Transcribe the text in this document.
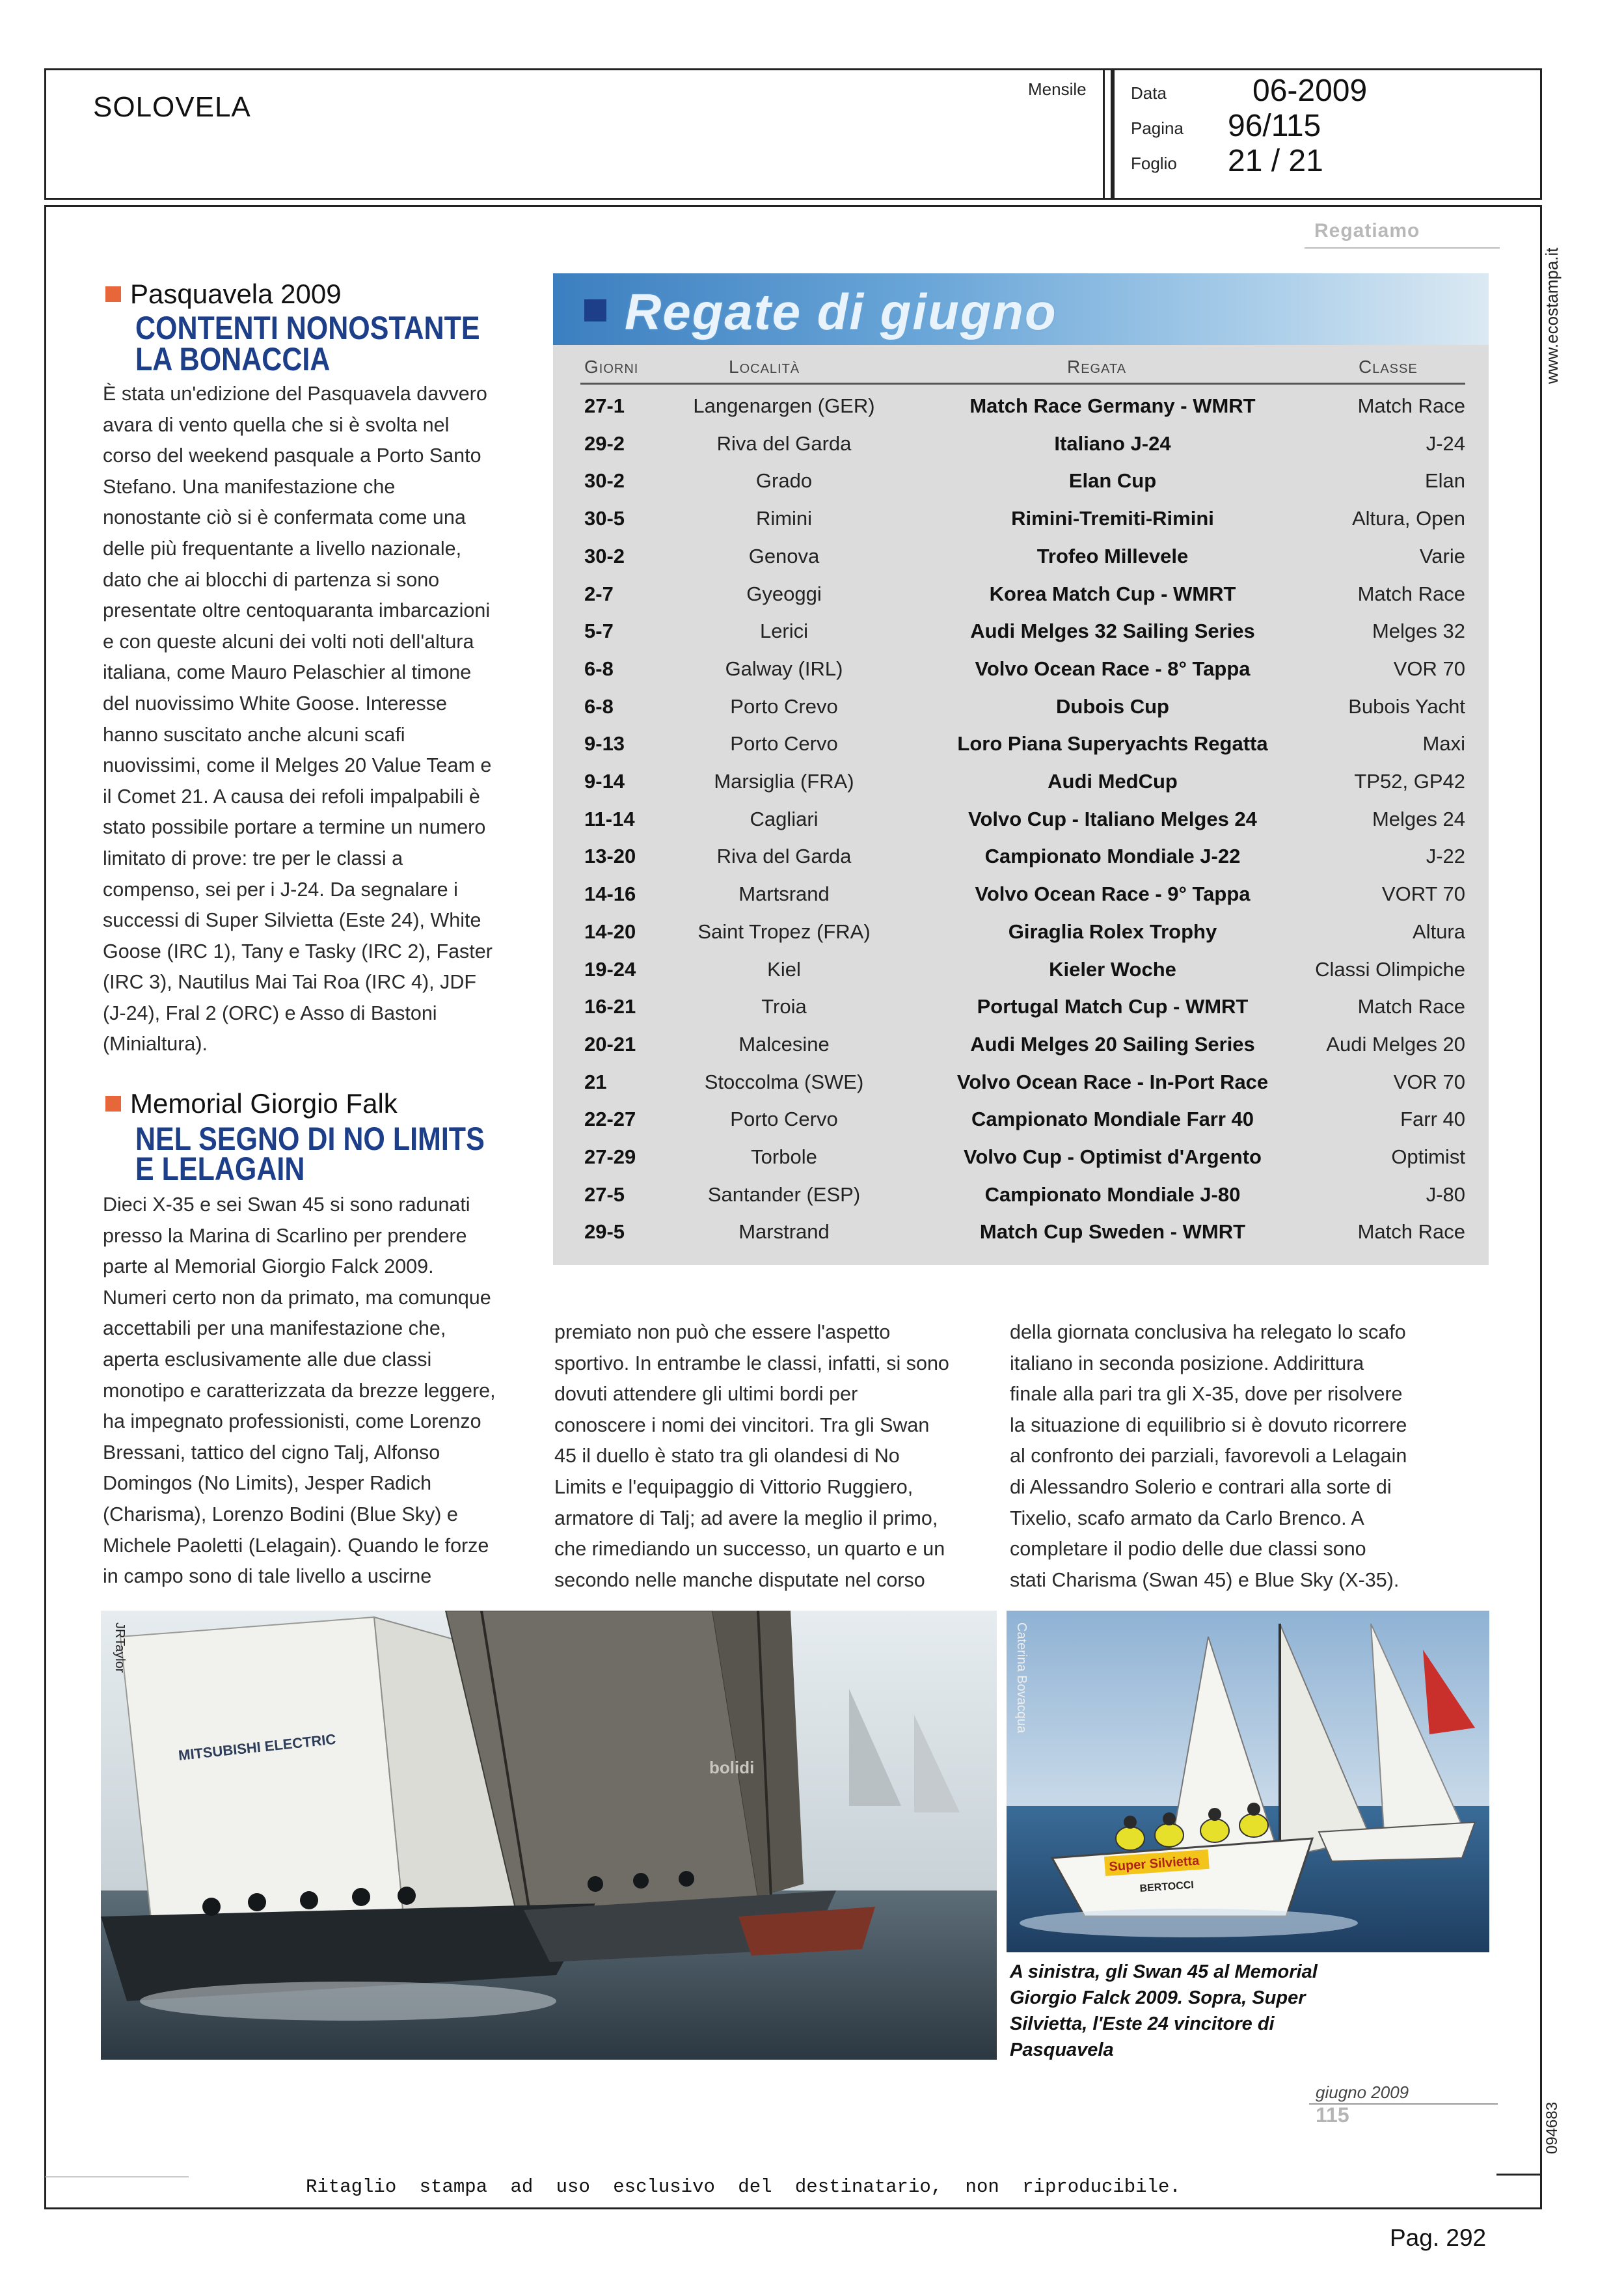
SOLOVELA
Mensile	Data	06-2009
Pagina 96/115
Foglio 21 / 21
www.ecostampa.it
094683
Regatiamo
Pasquavela 2009
CONTENTI NONOSTANTE
LA BONACCIA
È stata un'edizione del Pasquavela davvero
avara di vento quella che si è svolta nel
corso del weekend pasquale a Porto Santo
Stefano. Una manifestazione che
nonostante ciò si è confermata come una
delle più frequentante a livello nazionale,
dato che ai blocchi di partenza si sono
presentate oltre centoquaranta imbarcazioni
e con queste alcuni dei volti noti dell'altura
italiana, come Mauro Pelaschier al timone
del nuovissimo White Goose. Interesse
hanno suscitato anche alcuni scafi
nuovissimi, come il Melges 20 Value Team e
il Comet 21. A causa dei refoli impalpabili è
stato possibile portare a termine un numero
limitato di prove: tre per le classi a
compenso, sei per i J-24. Da segnalare i
successi di Super Silvietta (Este 24), White
Goose (IRC 1), Tany e Tasky (IRC 2), Faster
(IRC 3), Nautilus Mai Tai Roa (IRC 4), JDF
(J-24), Fral 2 (ORC) e Asso di Bastoni
(Minialtura).
Memorial Giorgio Falk
NEL SEGNO DI NO LIMITS
E LELAGAIN
Dieci X-35 e sei Swan 45 si sono radunati
presso la Marina di Scarlino per prendere
parte al Memorial Giorgio Falck 2009.
Numeri certo non da primato, ma comunque
accettabili per una manifestazione che,
aperta esclusivamente alle due classi
monotipo e caratterizzata da brezze leggere,
ha impegnato professionisti, come Lorenzo
Bressani, tattico del cigno Talj, Alfonso
Domingos (No Limits), Jesper Radich
(Charisma), Lorenzo Bodini (Blue Sky) e
Michele Paoletti (Lelagain). Quando le forze
in campo sono di tale livello a uscirne
premiato non può che essere l'aspetto
sportivo. In entrambe le classi, infatti, si sono
dovuti attendere gli ultimi bordi per
conoscere i nomi dei vincitori. Tra gli Swan
45 il duello è stato tra gli olandesi di No
Limits e l'equipaggio di Vittorio Ruggiero,
armatore di Talj; ad avere la meglio il primo,
che rimediando un successo, un quarto e un
secondo nelle manche disputate nel corso
della giornata conclusiva ha relegato lo scafo
italiano in seconda posizione. Addirittura
finale alla pari tra gli X-35, dove per risolvere
la situazione di equilibrio si è dovuto ricorrere
al confronto dei parziali, favorevoli a Lelagain
di Alessandro Solerio e contrari alla sorte di
Tixelio, scafo armato da Carlo Brenco. A
completare il podio delle due classi sono
stati Charisma (Swan 45) e Blue Sky (X-35).
Regate di giugno
Giorni	Località	Regata	Classe
27-1	Langenargen (GER)	Match Race Germany - WMRT	Match Race
29-2	Riva del Garda	Italiano J-24	J-24
30-2	Grado	Elan Cup	Elan
30-5	Rimini	Rimini-Tremiti-Rimini	Altura, Open
30-2	Genova	Trofeo Millevele	Varie
2-7	Gyeoggi	Korea Match Cup - WMRT	Match Race
5-7	Lerici	Audi Melges 32 Sailing Series	Melges 32
6-8	Galway (IRL)	Volvo Ocean Race - 8° Tappa	VOR 70
6-8	Porto Crevo	Dubois Cup	Bubois Yacht
9-13	Porto Cervo	Loro Piana Superyachts Regatta	Maxi
9-14	Marsiglia (FRA)	Audi MedCup	TP52, GP42
11-14	Cagliari	Volvo Cup - Italiano Melges 24	Melges 24
13-20	Riva del Garda	Campionato Mondiale J-22	J-22
14-16	Martsrand	Volvo Ocean Race - 9° Tappa	VORT 70
14-20	Saint Tropez (FRA)	Giraglia Rolex Trophy	Altura
19-24	Kiel	Kieler Woche	Classi Olimpiche
16-21	Troia	Portugal Match Cup - WMRT	Match Race
20-21	Malcesine	Audi Melges 20 Sailing Series	Audi Melges 20
21	Stoccolma (SWE)	Volvo Ocean Race - In-Port Race	VOR 70
22-27	Porto Cervo	Campionato Mondiale Farr 40	Farr 40
27-29	Torbole	Volvo Cup - Optimist d'Argento	Optimist
27-5	Santander (ESP)	Campionato Mondiale J-80	J-80
29-5	Marstrand	Match Cup Sweden - WMRT	Match Race
MITSUBISHI ELECTRIC
bolidi
JRTaylor
Super Silvietta
BERTOCCI
Caterina Bovacqua
A sinistra, gli Swan 45 al Memorial
Giorgio Falck 2009. Sopra, Super
Silvietta, l'Este 24 vincitore di
Pasquavela
giugno 2009
115
Ritaglio stampa ad uso esclusivo del destinatario, non riproducibile.
Pag. 292
